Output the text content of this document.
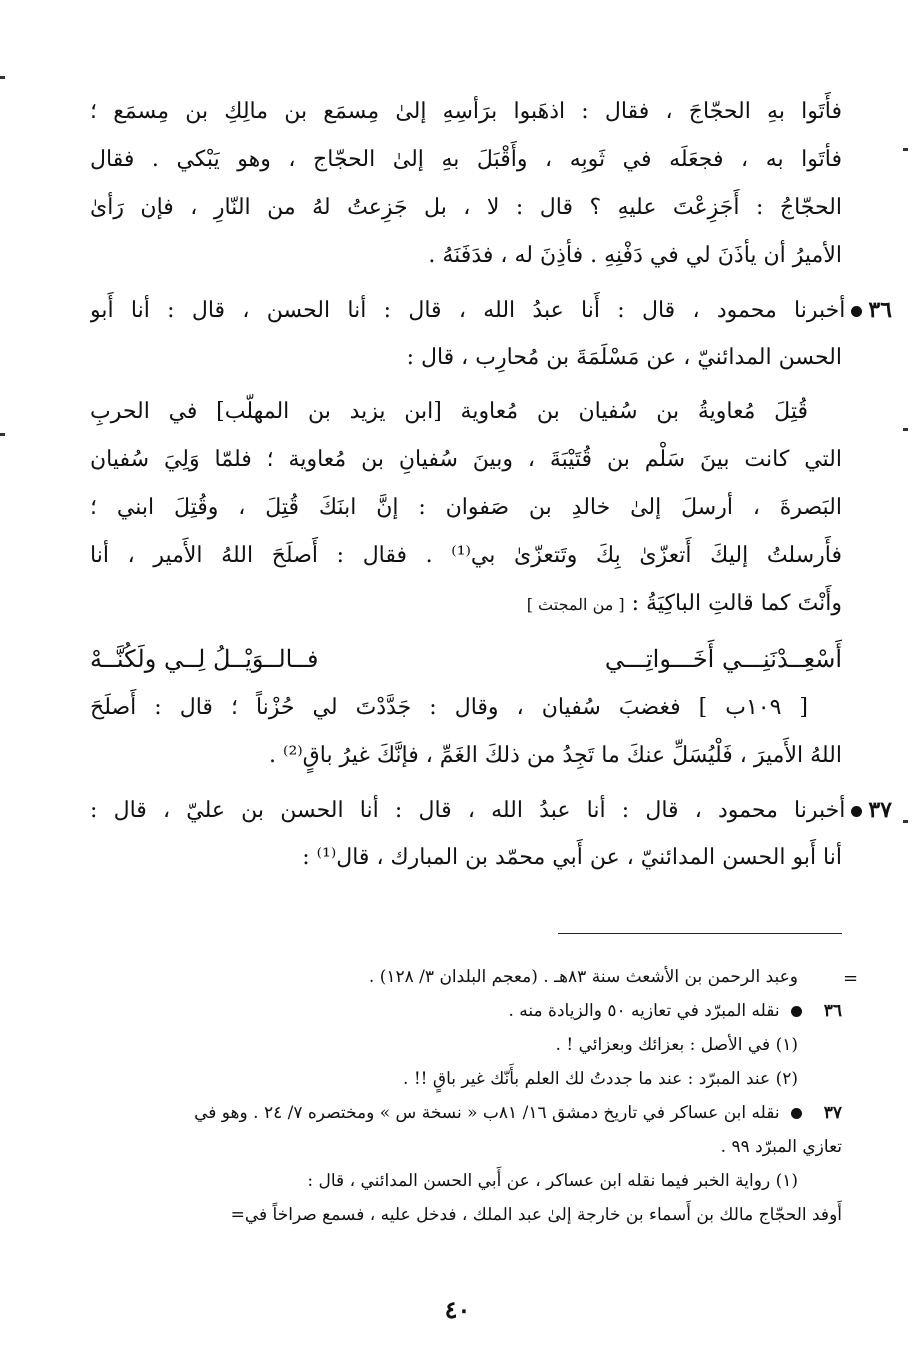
فأَتَوا بهِ الحجّاجَ ، فقال : اذهَبوا برَأسِهِ إلىٰ مِسمَع بن مالِكِ بن مِسمَع ؛
فأتَوا به ، فجعَلَه في ثَوبِه ، وأَقْبَلَ بهِ إلىٰ الحجّاج ، وهو يَبْكي . فقال
الحجّاجُ : أَجَزِعْتَ عليهِ ؟ قال : لا ، بل جَزِعتُ لهُ من النّارِ ، فإن رَأىٰ
الأميرُ أن يأذَنَ لي في دَفْنِهِ . فأذِنَ له ، فدَفَنَهُ .
٣٦أخبرنا محمود ، قال : أَنا عبدُ الله ، قال : أنا الحسن ، قال : أنا أَبو
الحسن المدائنيّ ، عن مَسْلَمَةَ بن مُحارِب ، قال :
قُتِلَ مُعاويةُ بن سُفيان بن مُعاوية [ابن يزيد بن المهلّب] في الحربِ
التي كانت بينَ سَلْم بن قُتَيْبَةَ ، وبينَ سُفيانِ بن مُعاوية ؛ فلمّا وَلِيَ سُفيان
البَصرةَ ، أرسلَ إلىٰ خالدِ بن صَفوان : إنَّ ابنَكَ قُتِلَ ، وقُتِلَ ابني ؛
فأَرسلتُ إليكَ أَتعزّىٰ بِكَ وتَتعزّىٰ بي⁽¹⁾ . فقال : أَصلَحَ اللهُ الأَمير ، أنا
وأَنْتَ كما قالتِ الباكِيَةُ : [ من المجتث ]
أَسْعِــدْنَنِـــي أَخَـــواتِـــي
فــالــوَيْــلُ لِــي ولَكُنَّــهْ
[ ١٠٩ب ] فغضبَ سُفيان ، وقال : جَدَّدْتَ لي حُزْناً ؛ قال : أَصلَحَ
اللهُ الأَميرَ ، فَلْيُسَلِّ عنكَ ما تَجِدُ من ذلكَ الغَمِّ ، فإنَّكَ غيرُ باقٍ⁽²⁾ .
٣٧أخبرنا محمود ، قال : أنا عبدُ الله ، قال : أنا الحسن بن عليّ ، قال :
أنا أَبو الحسن المدائنيّ ، عن أَبي محمّد بن المبارك ، قال⁽¹⁾ :
=
وعبد الرحمن بن الأشعث سنة ٨٣هـ . (معجم البلدان ٣/ ١٢٨) .
٣٦ نقله المبرّد في تعازيه ٥٠ والزيادة منه .
(١) في الأصل : بعزائك وبعزائي ! .
(٢) عند المبرّد : عند ما جددتُ لك العلم بأَنّك غير باقٍ !! .
٣٧ نقله ابن عساكر في تاريخ دمشق ١٦/ ٨١ب « نسخة س » ومختصره ٧/ ٢٤ . وهو في
تعازي المبرّد ٩٩ .
(١) رواية الخبر فيما نقله ابن عساكر ، عن أَبي الحسن المدائني ، قال :
أَوفد الحجّاج مالك بن أَسماء بن خارجة إلىٰ عبد الملك ، فدخل عليه ، فسمع صراخاً في=
٤٠
